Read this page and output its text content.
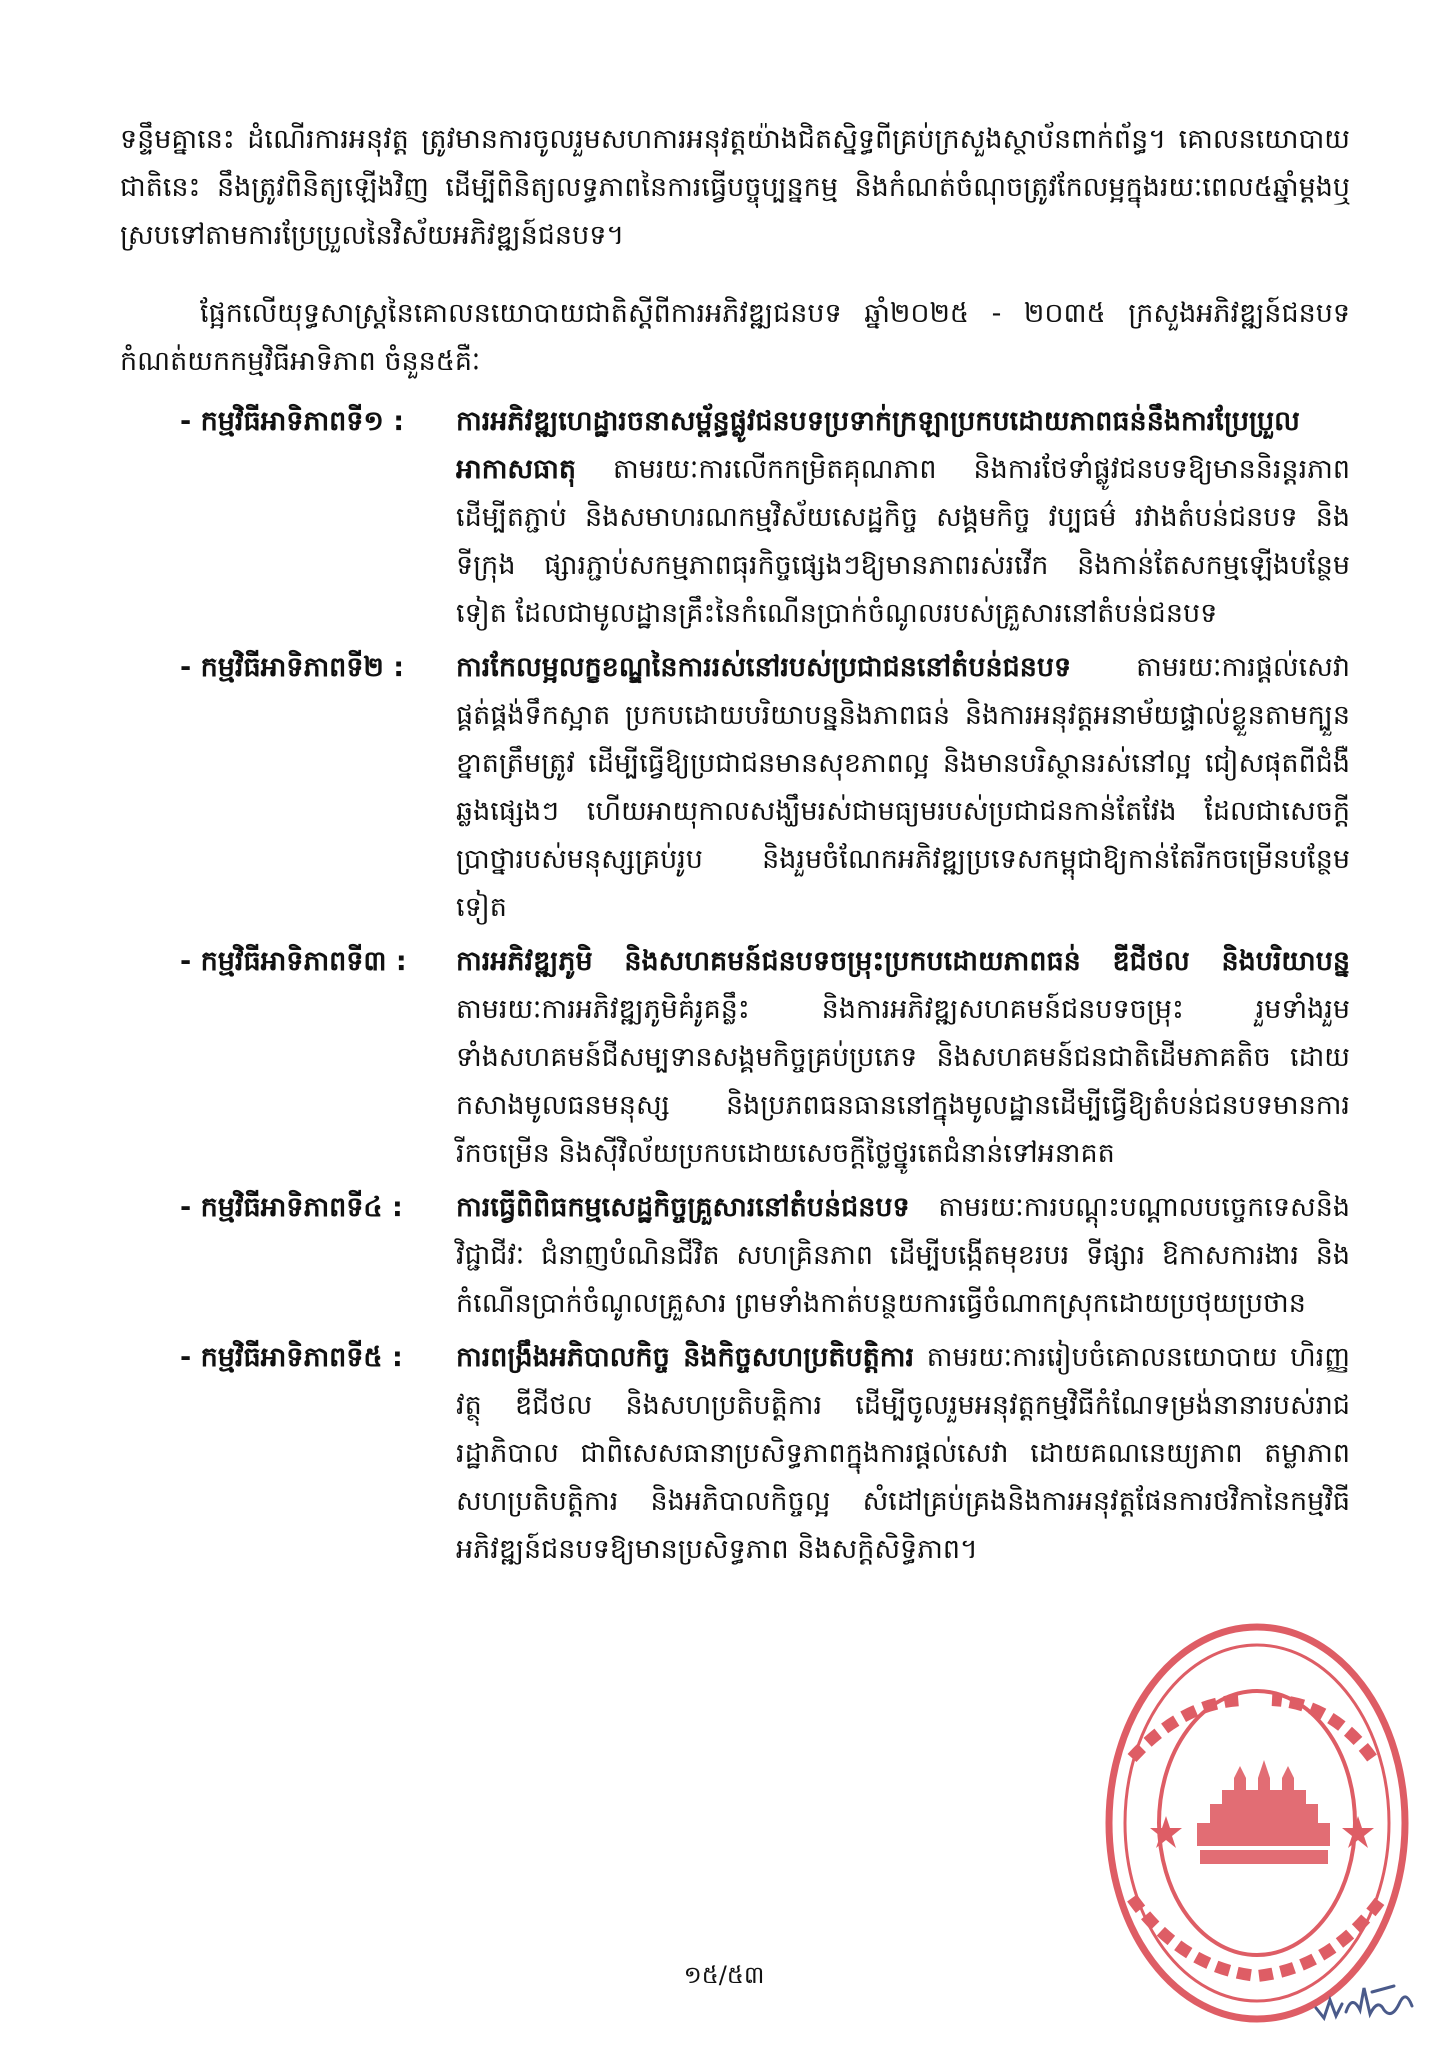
ទន្ទឹមគ្នានេះ ដំណើរការអនុវត្ត ត្រូវមានការចូលរួមសហការអនុវត្តយ៉ាងជិតស្និទ្ធពីគ្រប់ក្រសួងស្ថាប័នពាក់ព័ន្ធ។ គោលនយោបាយជាតិនេះ នឹងត្រូវពិនិត្យឡើងវិញ ដើម្បីពិនិត្យលទ្ធភាពនៃការធ្វើបច្ចុប្បន្នកម្ម និងកំណត់ចំណុចត្រូវកែលម្អក្នុងរយៈពេល៥ឆ្នាំម្តងឬស្របទៅតាមការប្រែប្រួលនៃវិស័យអភិវឌ្ឍន៍ជនបទ។

ផ្អែកលើយុទ្ធសាស្ត្រនៃគោលនយោបាយជាតិស្តីពីការអភិវឌ្ឍជនបទ ឆ្នាំ២០២៥ - ២០៣៥ ក្រសួងអភិវឌ្ឍន៍ជនបទកំណត់យកកម្មវិធីអាទិភាព ចំនួន៥គឺៈ

- កម្មវិធីអាទិភាពទី១ :	ការអភិវឌ្ឍហេដ្ឋារចនាសម្ព័ន្ធផ្លូវជនបទប្រទាក់ក្រឡាប្រកបដោយភាពធន់នឹងការប្រែប្រួលអាកាសធាតុ តាមរយៈការលើកកម្រិតគុណភាព និងការថែទាំផ្លូវជនបទឱ្យមាននិរន្តរភាព ដើម្បីតភ្ជាប់ និងសមាហរណកម្មវិស័យសេដ្ឋកិច្ច សង្គមកិច្ច វប្បធម៌ រវាងតំបន់ជនបទ និងទីក្រុង ផ្សារភ្ជាប់សកម្មភាពធុរកិច្ចផ្សេងៗឱ្យមានភាពរស់រវើក និងកាន់តែសកម្មឡើងបន្ថែមទៀត ដែលជាមូលដ្ឋានគ្រឹះនៃកំណើនប្រាក់ចំណូលរបស់គ្រួសារនៅតំបន់ជនបទ
- កម្មវិធីអាទិភាពទី២ :	ការកែលម្អលក្ខខណ្ឌនៃការរស់នៅរបស់ប្រជាជននៅតំបន់ជនបទ តាមរយៈការផ្តល់សេវាផ្គត់ផ្គង់ទឹកស្អាត ប្រកបដោយបរិយាបន្ននិងភាពធន់ និងការអនុវត្តអនាម័យផ្ទាល់ខ្លួនតាមក្បួនខ្នាតត្រឹមត្រូវ ដើម្បីធ្វើឱ្យប្រជាជនមានសុខភាពល្អ និងមានបរិស្ថានរស់នៅល្អ ជៀសផុតពីជំងឺឆ្លងផ្សេងៗ ហើយអាយុកាលសង្ឃឹមរស់ជាមធ្យមរបស់ប្រជាជនកាន់តែវែង ដែលជាសេចក្តីប្រាថ្នារបស់មនុស្សគ្រប់រូប និងរួមចំណែកអភិវឌ្ឍប្រទេសកម្ពុជាឱ្យកាន់តែរីកចម្រើនបន្ថែមទៀត
- កម្មវិធីអាទិភាពទី៣ :	ការអភិវឌ្ឍភូមិ និងសហគមន៍ជនបទចម្រុះប្រកបដោយភាពធន់ ឌីជីថល និងបរិយាបន្ន តាមរយៈការអភិវឌ្ឍភូមិគំរូគន្លឹះ និងការអភិវឌ្ឍសហគមន៍ជនបទចម្រុះ រួមទាំងរួមទាំងសហគមន៍ជីសម្បទានសង្គមកិច្ចគ្រប់ប្រភេទ និងសហគមន៍ជនជាតិដើមភាគតិច ដោយកសាងមូលធនមនុស្ស និងប្រភពធនធាននៅក្នុងមូលដ្ឋានដើម្បីធ្វើឱ្យតំបន់ជនបទមានការរីកចម្រើន និងស៊ីវិល័យប្រកបដោយសេចក្តីថ្លៃថ្នូរតេជំនាន់ទៅអនាគត
- កម្មវិធីអាទិភាពទី៤ :	ការធ្វើពិពិធកម្មសេដ្ឋកិច្ចគ្រួសារនៅតំបន់ជនបទ តាមរយៈការបណ្តុះបណ្តាលបច្ចេកទេសនិងវិជ្ជាជីវៈ ជំនាញបំណិនជីវិត សហគ្រិនភាព ដើម្បីបង្កើតមុខរបរ ទីផ្សារ ឱកាសការងារ និងកំណើនប្រាក់ចំណូលគ្រួសារ ព្រមទាំងកាត់បន្ថយការធ្វើចំណាកស្រុកដោយប្រថុយប្រថាន
- កម្មវិធីអាទិភាពទី៥ :	ការពង្រឹងអភិបាលកិច្ច និងកិច្ចសហប្រតិបត្តិការ តាមរយៈការរៀបចំគោលនយោបាយ ហិរញ្ញវត្ថុ ឌីជីថល និងសហប្រតិបត្តិការ ដើម្បីចូលរួមអនុវត្តកម្មវិធីកំណែទម្រង់នានារបស់រាជរដ្ឋាភិបាល ជាពិសេសធានាប្រសិទ្ធភាពក្នុងការផ្តល់សេវា ដោយគណនេយ្យភាព តម្លាភាព សហប្រតិបត្តិការ និងអភិបាលកិច្ចល្អ សំដៅគ្រប់គ្រងនិងការអនុវត្តផែនការថវិកានៃកម្មវិធីអភិវឌ្ឍន៍ជនបទឱ្យមានប្រសិទ្ធភាព និងសក្តិសិទ្ធិភាព។
១៥/៥៣
